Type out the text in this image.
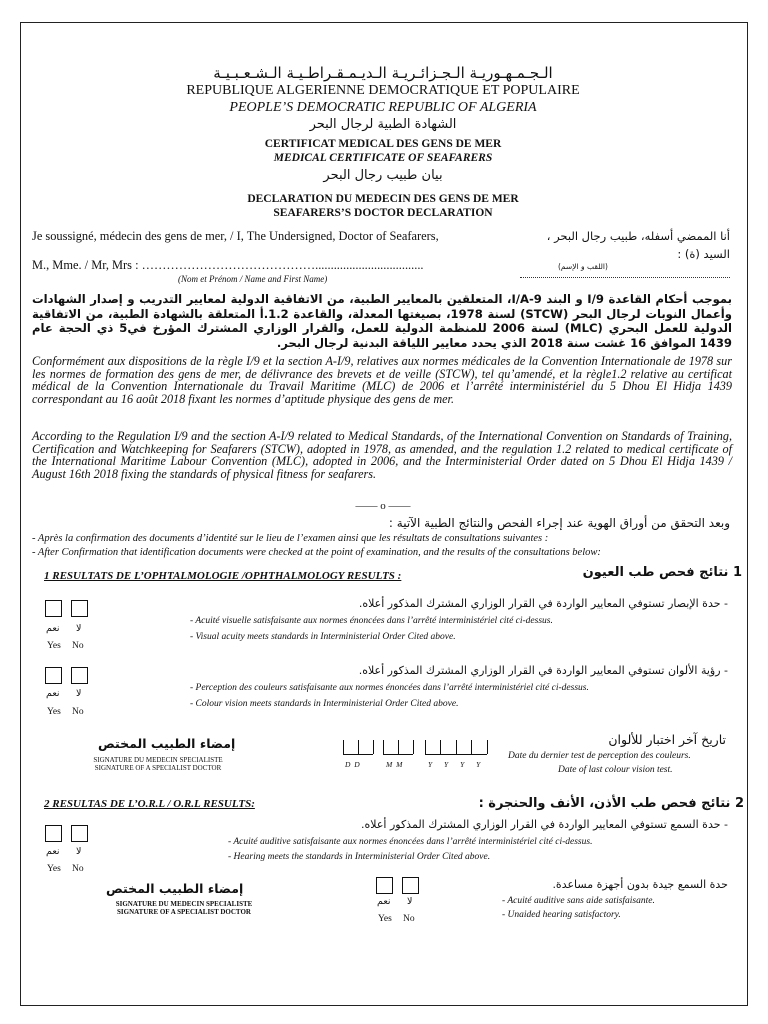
الـجـمـهـوريـة الـجـزائـريـة الـديـمـقـراطـيـة الـشـعـبـيـة
REPUBLIQUE ALGERIENNE DEMOCRATIQUE ET POPULAIRE
PEOPLE’S DEMOCRATIC REPUBLIC OF ALGERIA
الشهادة الطبية لرجال البحر
CERTIFICAT MEDICAL DES GENS DE MER
MEDICAL CERTIFICATE OF SEAFARERS
بيان طبيب رجال البحر
DECLARATION DU MEDECIN DES GENS DE MER
SEAFARERS’S DOCTOR DECLARATION
Je soussigné, médecin des gens de mer, / I, The Undersigned, Doctor of Seafarers,	أنا الممضي أسفله، طبيب رجال البحر ،
السيد (ة) :
M., Mme. / Mr, Mrs : ……………………………………...................................	(اللقب و الإسم)
(Nom et Prénom / Name and First Name)
بموجب أحكام القاعدة 9/I و البند 9-I/A، المتعلقين بالمعايير الطبية، من الاتفاقية الدولية لمعايير التدريب و إصدار الشهادات وأعمال النوبات لرجال البحر (STCW) لسنة 1978، بصيغتها المعدلة، والقاعدة 1.2.أ المتعلقة بالشهادة الطبية، من الاتفاقية الدولية للعمل البحري (MLC) لسنة 2006 للمنظمة الدولية للعمل، والقرار الوزاري المشترك المؤرخ في5 ذي الحجة عام 1439 الموافق 16 غشت سنة 2018 الذي يحدد معايير اللياقة البدنية لرجال البحر.
Conformément aux dispositions de la règle I/9 et la section A-I/9, relatives aux normes médicales de la Convention Internationale de 1978 sur les normes de formation des gens de mer, de délivrance des brevets et de veille (STCW), tel qu’amendé, et la règle1.2 relative au certificat médical de la Convention Internationale du Travail Maritime (MLC) de 2006 et l’arrêté interministériel du 5 Dhou El Hidja 1439 correspondant au 16 août 2018 fixant les normes d’aptitude physique des gens de mer.
According to the Regulation I/9 and the section A-I/9 related to Medical Standards, of the International Convention on Standards of Training, Certification and Watchkeeping for Seafarers (STCW), adopted in 1978, as amended, and the regulation 1.2 related to medical certificate of the International Maritime Labour Convention (MLC), adopted in 2006, and the Interministerial Order dated on 5 Dhou El Hidja 1439 / August 16th 2018 fixing the standards of physical fitness for seafarers.
—— o ——
وبعد التحقق من أوراق الهوية عند إجراء الفحص والنتائج الطبية الآتية :
- Après la confirmation des documents d’identité sur le lieu de l’examen ainsi que les résultats de consultations suivantes :
- After Confirmation that identification documents were checked at the point of examination, and the results of the consultations below:
1 RESULTATS DE L’OPHTALMOLOGIE /OPHTHALMOLOGY RESULTS :	1 نتائج فحص طب العيون
نعم لا
Yes No
- حدة الإبصار تستوفي المعايير الواردة في القرار الوزاري المشترك المذكور أعلاه.
- Acuité visuelle satisfaisante aux normes énoncées dans l’arrêté interministériel cité ci-dessus.
- Visual acuity meets standards in Interministerial Order Cited above.
نعم لا
Yes No
- رؤية الألوان تستوفي المعايير الواردة في القرار الوزاري المشترك المذكور أعلاه.
- Perception des couleurs satisfaisante aux normes énoncées dans l’arrêté interministériel cité ci-dessus.
- Colour vision meets standards in Interministerial Order Cited above.
إمضاء الطبيب المختص
SIGNATURE DU MEDECIN SPECIALISTE
SIGNATURE OF A SPECIALIST DOCTOR	D D	M M	Y Y Y Y
تاريخ آخر اختبار للألوان
Date du dernier test de perception des couleurs.
Date of last colour vision test.
2 RESULTAS DE L’O.R.L / O.R.L RESULTS:	2 نتائج فحص طب الأذن، الأنف والحنجرة :
نعم لا
Yes No
- حدة السمع تستوفي المعايير الواردة في القرار الوزاري المشترك المذكور أعلاه.
- Acuité auditive satisfaisante aux normes énoncées dans l’arrêté interministériel cité ci-dessus.
- Hearing meets the standards in Interministerial Order Cited above.
إمضاء الطبيب المختص
SIGNATURE DU MEDECIN SPECIALISTE
SIGNATURE OF A SPECIALIST DOCTOR
نعم لا
Yes No
حدة السمع جيدة بدون أجهزة مساعدة.
- Acuité auditive sans aide satisfaisante.
- Unaided hearing satisfactory.
